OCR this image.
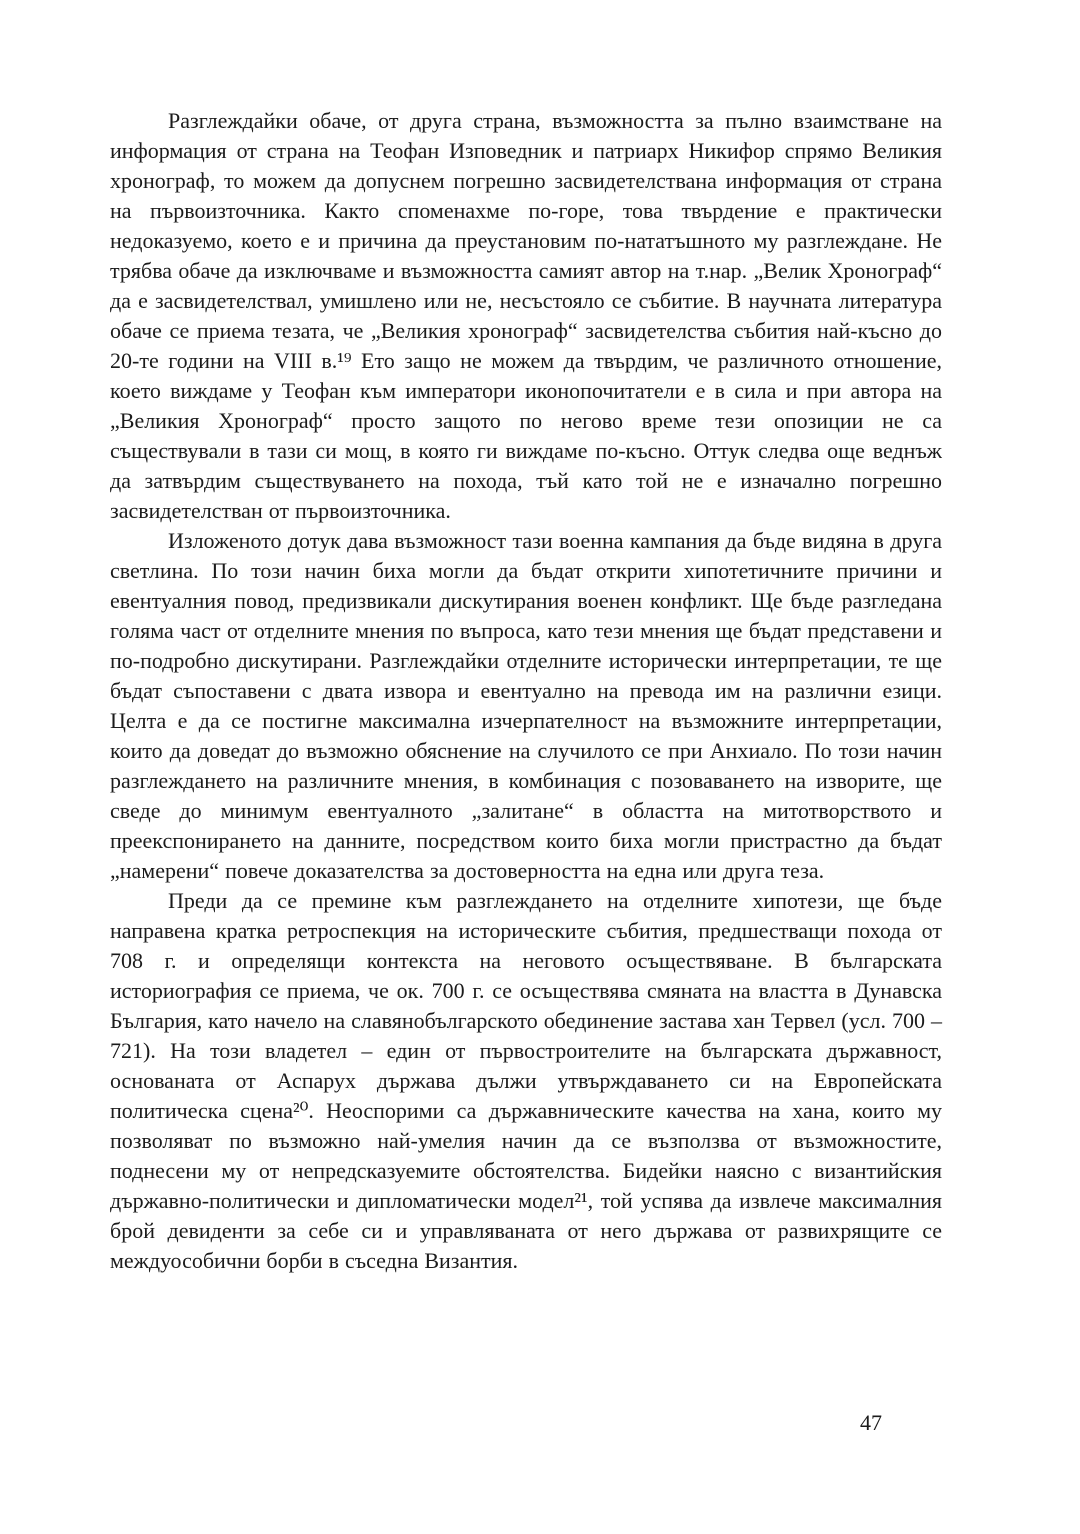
Разглеждайки обаче, от друга страна, възможността за пълно взаимстване на информация от страна на Теофан Изповедник и патриарх Никифор спрямо Великия хронограф, то можем да допуснем погрешно засвидетелствана информация от страна на първоизточника. Както споменахме по-горе, това твърдение е практически недоказуемо, което е и причина да преустановим по-нататъшното му разглеждане. Не трябва обаче да изключваме и възможността самият автор на т.нар. „Велик Хронограф“ да е засвидетелствал, умишлено или не, несъстояло се събитие. В научната литература обаче се приема тезата, че „Великия хронограф“ засвидетелства събития най-късно до 20-те години на VIII в.¹⁹ Ето защо не можем да твърдим, че различното отношение, което виждаме у Теофан към императори иконопочитатели е в сила и при автора на „Великия Хронограф“ просто защото по негово време тези опозиции не са съществували в тази си мощ, в която ги виждаме по-късно. Оттук следва още веднъж да затвърдим съществуването на похода, тъй като той не е изначално погрешно засвидетелстван от първоизточника.

Изложеното дотук дава възможност тази военна кампания да бъде видяна в друга светлина. По този начин биха могли да бъдат открити хипотетичните причини и евентуалния повод, предизвикали дискутирания военен конфликт. Ще бъде разгледана голяма част от отделните мнения по въпроса, като тези мнения ще бъдат представени и по-подробно дискутирани. Разглеждайки отделните исторически интерпретации, те ще бъдат съпоставени с двата извора и евентуално на превода им на различни езици. Целта е да се постигне максимална изчерпателност на възможните интерпретации, които да доведат до възможно обяснение на случилото се при Анхиало. По този начин разглеждането на различните мнения, в комбинация с позоваването на изворите, ще сведе до минимум евентуалното „залитане“ в областта на митотворството и преекспонирането на данните, посредством които биха могли пристрастно да бъдат „намерени“ повече доказателства за достоверността на една или друга теза.

Преди да се премине към разглеждането на отделните хипотези, ще бъде направена кратка ретроспекция на историческите събития, предшестващи похода от 708 г. и определящи контекста на неговото осъществяване. В българската историография се приема, че ок. 700 г. се осъществява смяната на властта в Дунавска България, като начело на славянобългарското обединение застава хан Тервел (усл. 700 – 721). На този владетел – един от първостроителите на българската държавност, основаната от Аспарух държава дължи утвърждаването си на Европейската политическа сцена²⁰. Неоспорими са държавническите качества на хана, които му позволяват по възможно най-умелия начин да се възползва от възможностите, поднесени му от непредсказуемите обстоятелства. Бидейки наясно с византийския държавно-политически и дипломатически модел²¹, той успява да извлече максималния брой девиденти за себе си и управляваната от него държава от развихрящите се междуособични борби в съседна Византия.

47
